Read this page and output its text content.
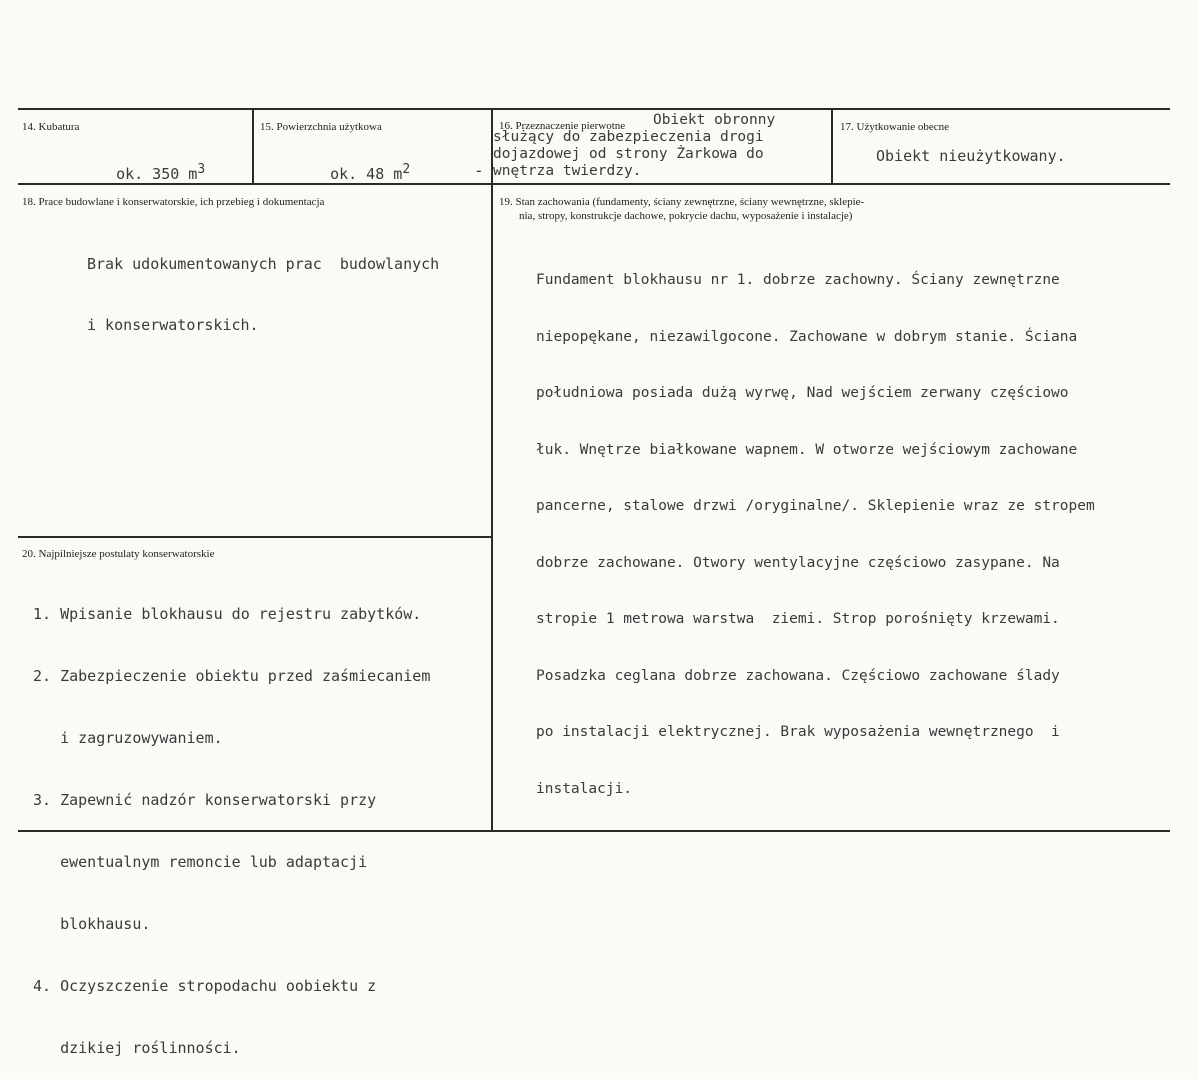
14. Kubatura

ok. 350 $m^3$

15. Powierzchnia użytkowa

ok. 48 $m^2$	-
16. Przeznaczenie pierwotne Obiekt obronny
służący do zabezpieczenia drogi
dojazdowej od strony Żarkowa do
wnętrza twierdzy.
17. Użytkowanie obecne
Obiekt nieużytkowany.
18. Prace budowlane i konserwatorskie, ich przebieg i dokumentacja

Brak udokumentowanych prac  budowlanych

i konserwatorskich.

19. Stan zachowania (fundamenty, ściany zewnętrzne, ściany wewnętrzne, sklepie-
nia, stropy, konstrukcje dachowe, pokrycie dachu, wyposażenie i instalacje)

Fundament blokhausu nr 1. dobrze zachowny. Ściany zewnętrzne

niepopękane, niezawilgocone. Zachowane w dobrym stanie. Ściana

południowa posiada dużą wyrwę, Nad wejściem zerwany częściowo

łuk. Wnętrze białkowane wapnem. W otworze wejściowym zachowane

pancerne, stalowe drzwi /oryginalne/. Sklepienie wraz ze stropem

dobrze zachowane. Otwory wentylacyjne częściowo zasypane. Na

stropie 1 metrowa warstwa  ziemi. Strop porośnięty krzewami.

Posadzka ceglana dobrze zachowana. Częściowo zachowane ślady

po instalacji elektrycznej. Brak wyposażenia wewnętrznego  i

instalacji.

20. Najpilniejsze postulaty konserwatorskie

1. Wpisanie blokhausu do rejestru zabytków.

2. Zabezpieczenie obiektu przed zaśmiecaniem

i zagruzowywaniem.

3. Zapewnić nadzór konserwatorski przy

ewentualnym remoncie lub adaptacji

blokhausu.

4. Oczyszczenie stropodachu oobiektu z

dzikiej roślinności.
